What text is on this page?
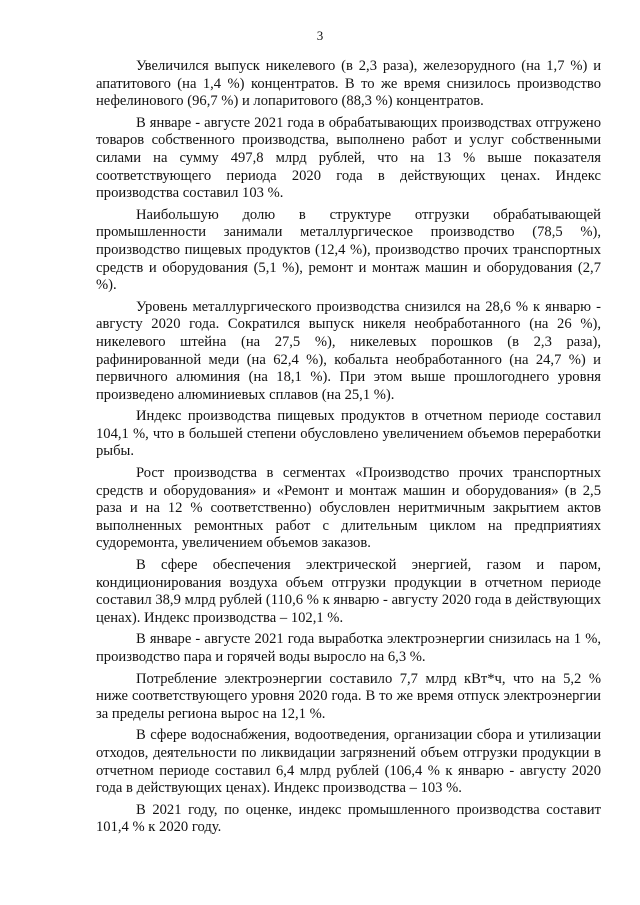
3

Увеличился выпуск никелевого (в 2,3 раза), железорудного (на 1,7 %) и апатитового (на 1,4 %) концентратов. В то же время снизилось производство нефелинового (96,7 %) и лопаритового (88,3 %) концентратов.

В январе - августе 2021 года в обрабатывающих производствах отгружено товаров собственного производства, выполнено работ и услуг собственными силами на сумму 497,8 млрд рублей, что на 13 % выше показателя соответствующего периода 2020 года в действующих ценах. Индекс производства составил 103 %.

Наибольшую долю в структуре отгрузки обрабатывающей промышленности занимали металлургическое производство (78,5 %), производство пищевых продуктов (12,4 %), производство прочих транспортных средств и оборудования (5,1 %), ремонт и монтаж машин и оборудования (2,7 %).

Уровень металлургического производства снизился на 28,6 % к январю - августу 2020 года. Сократился выпуск никеля необработанного (на 26 %), никелевого штейна (на 27,5 %), никелевых порошков (в 2,3 раза), рафинированной меди (на 62,4 %), кобальта необработанного (на 24,7 %) и первичного алюминия (на 18,1 %). При этом выше прошлогоднего уровня произведено алюминиевых сплавов (на 25,1 %).

Индекс производства пищевых продуктов в отчетном периоде составил 104,1 %, что в большей степени обусловлено увеличением объемов переработки рыбы.

Рост производства в сегментах «Производство прочих транспортных средств и оборудования» и «Ремонт и монтаж машин и оборудования» (в 2,5 раза и на 12 % соответственно) обусловлен неритмичным закрытием актов выполненных ремонтных работ с длительным циклом на предприятиях судоремонта, увеличением объемов заказов.

В сфере обеспечения электрической энергией, газом и паром, кондиционирования воздуха объем отгрузки продукции в отчетном периоде составил 38,9 млрд рублей (110,6 % к январю - августу 2020 года в действующих ценах). Индекс производства – 102,1 %.

В январе - августе 2021 года выработка электроэнергии снизилась на 1 %, производство пара и горячей воды выросло на 6,3 %.

Потребление электроэнергии составило 7,7 млрд кВт*ч, что на 5,2 % ниже соответствующего уровня 2020 года. В то же время отпуск электроэнергии за пределы региона вырос на 12,1 %.

В сфере водоснабжения, водоотведения, организации сбора и утилизации отходов, деятельности по ликвидации загрязнений объем отгрузки продукции в отчетном периоде составил 6,4 млрд рублей (106,4 % к январю - августу 2020 года в действующих ценах). Индекс производства – 103 %.

В 2021 году, по оценке, индекс промышленного производства составит 101,4 % к 2020 году.
